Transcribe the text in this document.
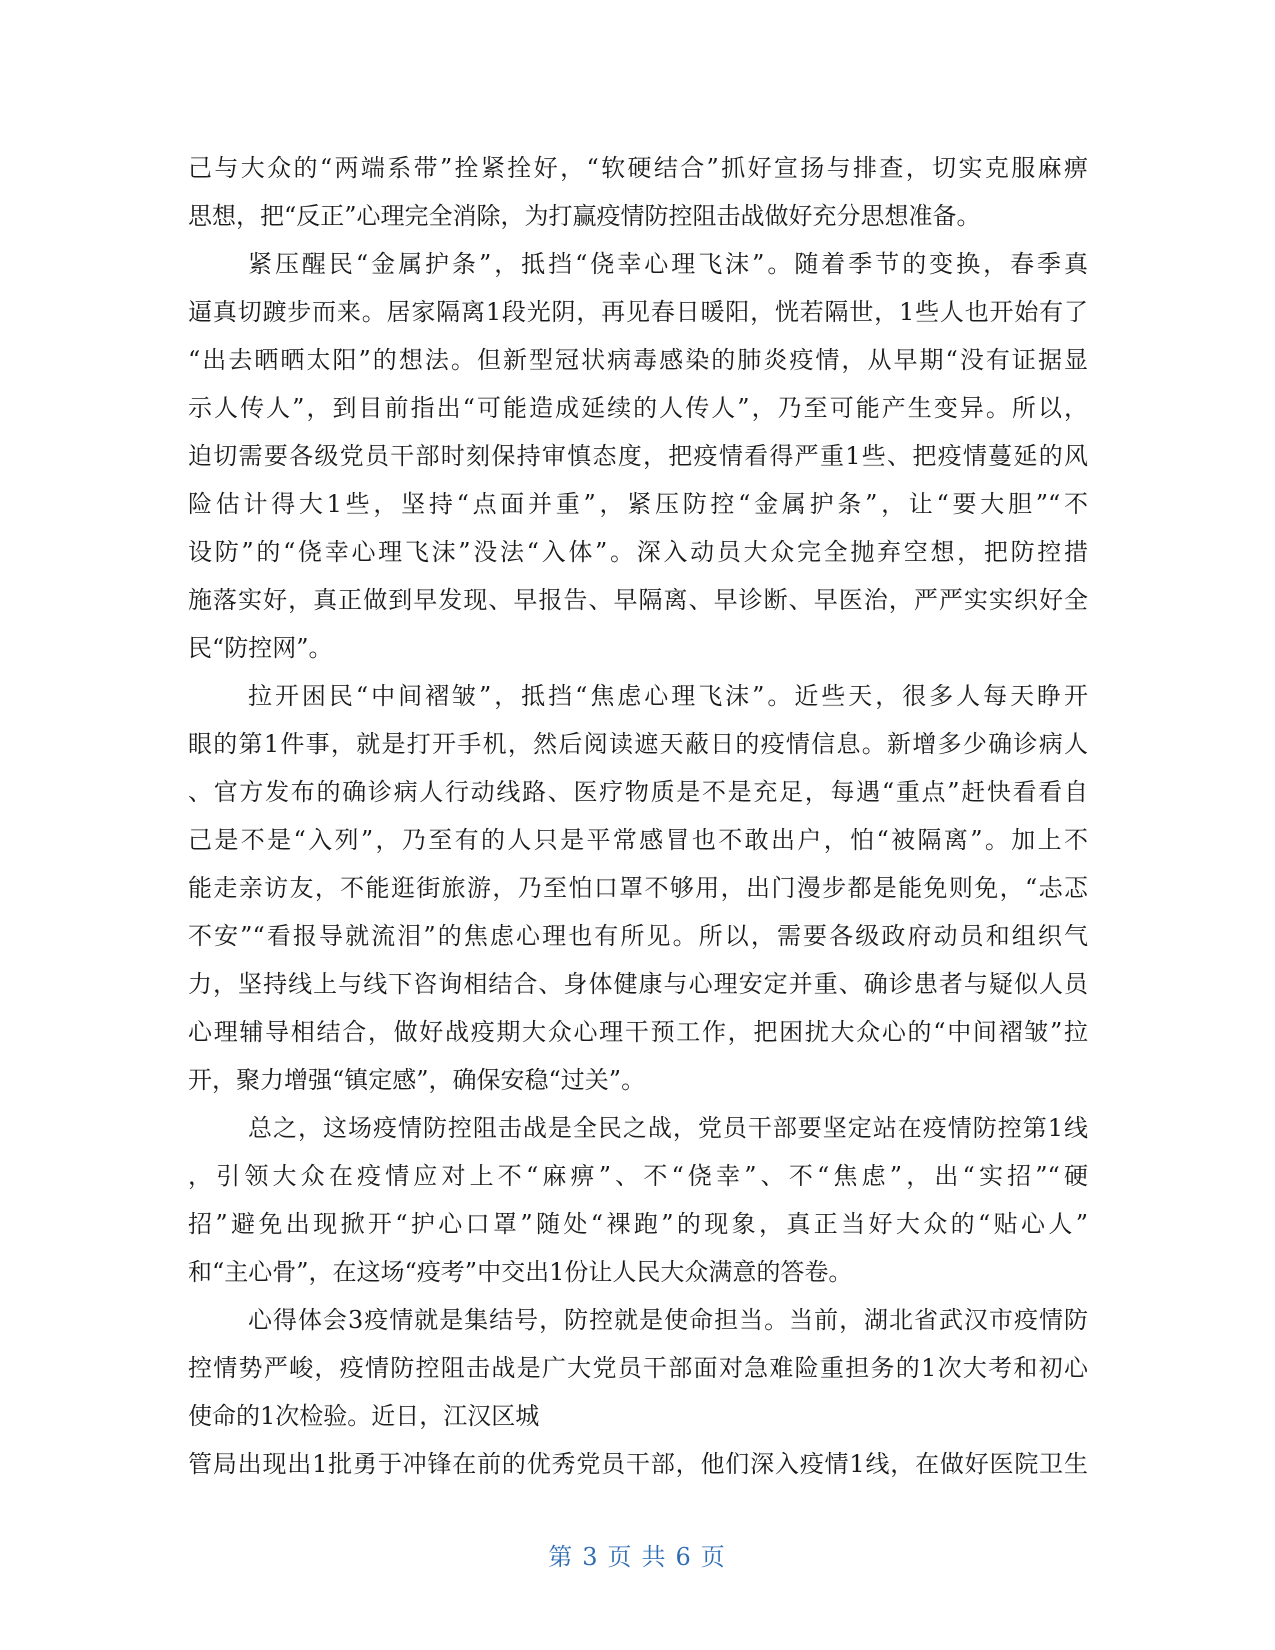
己与大众的“两端系带”拴紧拴好，“软硬结合”抓好宣扬与排查，切实克服麻痹
思想，把“反正”心理完全消除，为打赢疫情防控阻击战做好充分思想准备。
紧压醒民“金属护条”，抵挡“侥幸心理飞沫”。随着季节的变换，春季真
逼真切踱步而来。居家隔离1段光阴，再见春日暖阳，恍若隔世，1些人也开始有了
“出去晒晒太阳”的想法。但新型冠状病毒感染的肺炎疫情，从早期“没有证据显
示人传人”，到目前指出“可能造成延续的人传人”，乃至可能产生变异。所以，
迫切需要各级党员干部时刻保持审慎态度，把疫情看得严重1些、把疫情蔓延的风
险估计得大1些，坚持“点面并重”，紧压防控“金属护条”，让“要大胆”“不
设防”的“侥幸心理飞沫”没法“入体”。深入动员大众完全抛弃空想，把防控措
施落实好，真正做到早发现、早报告、早隔离、早诊断、早医治，严严实实织好全
民“防控网”。
拉开困民“中间褶皱”，抵挡“焦虑心理飞沫”。近些天，很多人每天睁开
眼的第1件事，就是打开手机，然后阅读遮天蔽日的疫情信息。新增多少确诊病人
、官方发布的确诊病人行动线路、医疗物质是不是充足，每遇“重点”赶快看看自
己是不是“入列”，乃至有的人只是平常感冒也不敢出户，怕“被隔离”。加上不
能走亲访友，不能逛街旅游，乃至怕口罩不够用，出门漫步都是能免则免，“忐忑
不安”“看报导就流泪”的焦虑心理也有所见。所以，需要各级政府动员和组织气
力，坚持线上与线下咨询相结合、身体健康与心理安定并重、确诊患者与疑似人员
心理辅导相结合，做好战疫期大众心理干预工作，把困扰大众心的“中间褶皱”拉
开，聚力增强“镇定感”，确保安稳“过关”。
总之，这场疫情防控阻击战是全民之战，党员干部要坚定站在疫情防控第1线
，引领大众在疫情应对上不“麻痹”、不“侥幸”、不“焦虑”，出“实招”“硬
招”避免出现掀开“护心口罩”随处“裸跑”的现象，真正当好大众的“贴心人”
和“主心骨”，在这场“疫考”中交出1份让人民大众满意的答卷。
心得体会3疫情就是集结号，防控就是使命担当。当前，湖北省武汉市疫情防
控情势严峻，疫情防控阻击战是广大党员干部面对急难险重担务的1次大考和初心
使命的1次检验。近日，江汉区城
管局出现出1批勇于冲锋在前的优秀党员干部，他们深入疫情1线，在做好医院卫生
第 3 页 共 6 页
